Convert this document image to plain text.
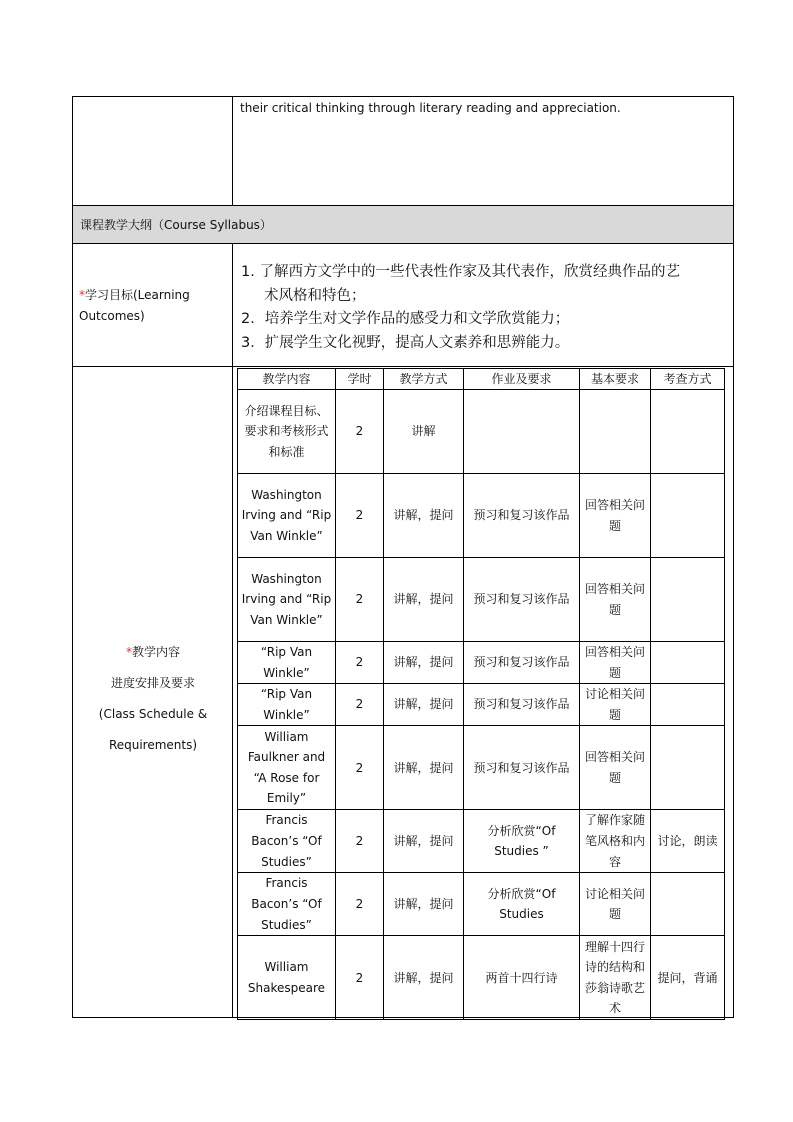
their critical thinking through literary reading and appreciation.
课程教学大纲（Course Syllabus）
*学习目标(Learning Outcomes)
1. 了解西方文学中的一些代表性作家及其代表作，欣赏经典作品的艺
术风格和特色；
2．培养学生对文学作品的感受力和文学欣赏能力；
3．扩展学生文化视野，提高人文素养和思辨能力。
*教学内容
进度安排及要求
(Class Schedule &
Requirements)
教学内容	学时	教学方式	作业及要求	基本要求	考查方式
介绍课程目标、要求和考核形式和标准	2	讲解			
Washington Irving and “Rip Van Winkle”	2	讲解，提问	预习和复习该作品	回答相关问题	
Washington Irving and “Rip Van Winkle”	2	讲解，提问	预习和复习该作品	回答相关问题	
“Rip Van Winkle”	2	讲解，提问	预习和复习该作品	回答相关问题	
“Rip Van Winkle”	2	讲解，提问	预习和复习该作品	讨论相关问题	
William Faulkner and “A Rose for Emily”	2	讲解，提问	预习和复习该作品	回答相关问题	
Francis Bacon’s “Of Studies”	2	讲解，提问	分析欣赏“Of Studies ”	了解作家随笔风格和内容	讨论，朗读
Francis Bacon’s “Of Studies”	2	讲解，提问	分析欣赏“Of Studies	讨论相关问题	
William Shakespeare	2	讲解，提问	两首十四行诗	理解十四行诗的结构和莎翁诗歌艺术	提问，背诵
